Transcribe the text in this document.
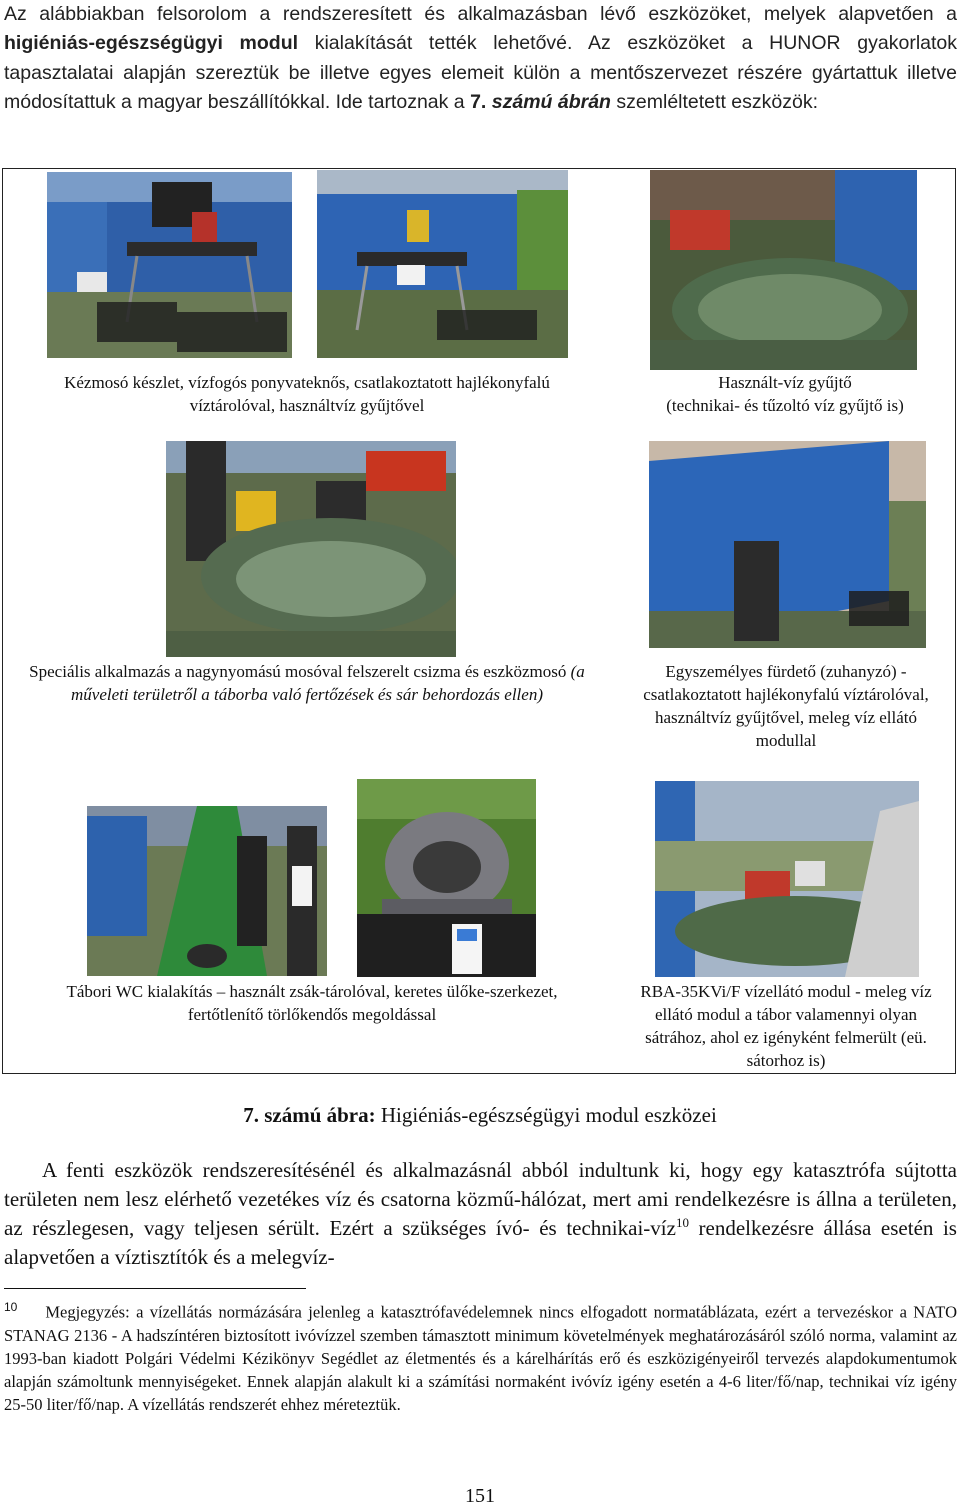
Az alábbiakban felsorolom a rendszeresített és alkalmazásban lévő eszközöket, melyek alapvetően a higiéniás-egészségügyi modul kialakítását tették lehetővé. Az eszközöket a HUNOR gyakorlatok tapasztalatai alapján szereztük be illetve egyes elemeit külön a mentőszervezet részére gyártattuk illetve módosítattuk a magyar beszállítókkal. Ide tartoznak a 7. számú ábrán szemléltetett eszközök:
Kézmosó készlet, vízfogós ponyvateknős, csatlakoztatott hajlékonyfalú víztárolóval, használtvíz gyűjtővel
Használt-víz gyűjtő
(technikai- és tűzoltó víz gyűjtő is)
Speciális alkalmazás a nagynyomású mosóval felszerelt csizma és eszközmosó (a műveleti területről a táborba való fertőzések és sár behordozás ellen)
Egyszemélyes fürdető (zuhanyzó) - csatlakoztatott hajlékonyfalú víztárolóval, használtvíz gyűjtővel, meleg víz ellátó modullal
Tábori WC kialakítás – használt zsák-tárolóval, keretes ülőke-szerkezet, fertőtlenítő törlőkendős megoldással
RBA-35KVi/F vízellátó modul - meleg víz ellátó modul a tábor valamennyi olyan sátrához, ahol ez igényként felmerült (eü. sátorhoz is)
7. számú ábra: Higiéniás-egészségügyi modul eszközei
A fenti eszközök rendszeresítésénél és alkalmazásnál abból indultunk ki, hogy egy katasztrófa sújtotta területen nem lesz elérhető vezetékes víz és csatorna közmű-hálózat, mert ami rendelkezésre is állna a területen, az részlegesen, vagy teljesen sérült. Ezért a szükséges ívó- és technikai-víz$^{10}$ rendelkezésre állása esetén is alapvetően a víztisztítók és a melegvíz-
$^{10}$ Megjegyzés: a vízellátás normázására jelenleg a katasztrófavédelemnek nincs elfogadott normatáblázata, ezért a tervezéskor a NATO STANAG 2136 - A hadszíntéren biztosított ivóvízzel szemben támasztott minimum követelmények meghatározásáról szóló norma, valamint az 1993-ban kiadott Polgári Védelmi Kézikönyv Segédlet az életmentés és a kárelhárítás erő és eszközigényeiről tervezés alapdokumentumok alapján számoltunk mennyiségeket. Ennek alapján alakult ki a számítási normaként ivóvíz igény esetén a 4-6 liter/fő/nap, technikai víz igény 25-50 liter/fő/nap. A vízellátás rendszerét ehhez méreteztük.
151
